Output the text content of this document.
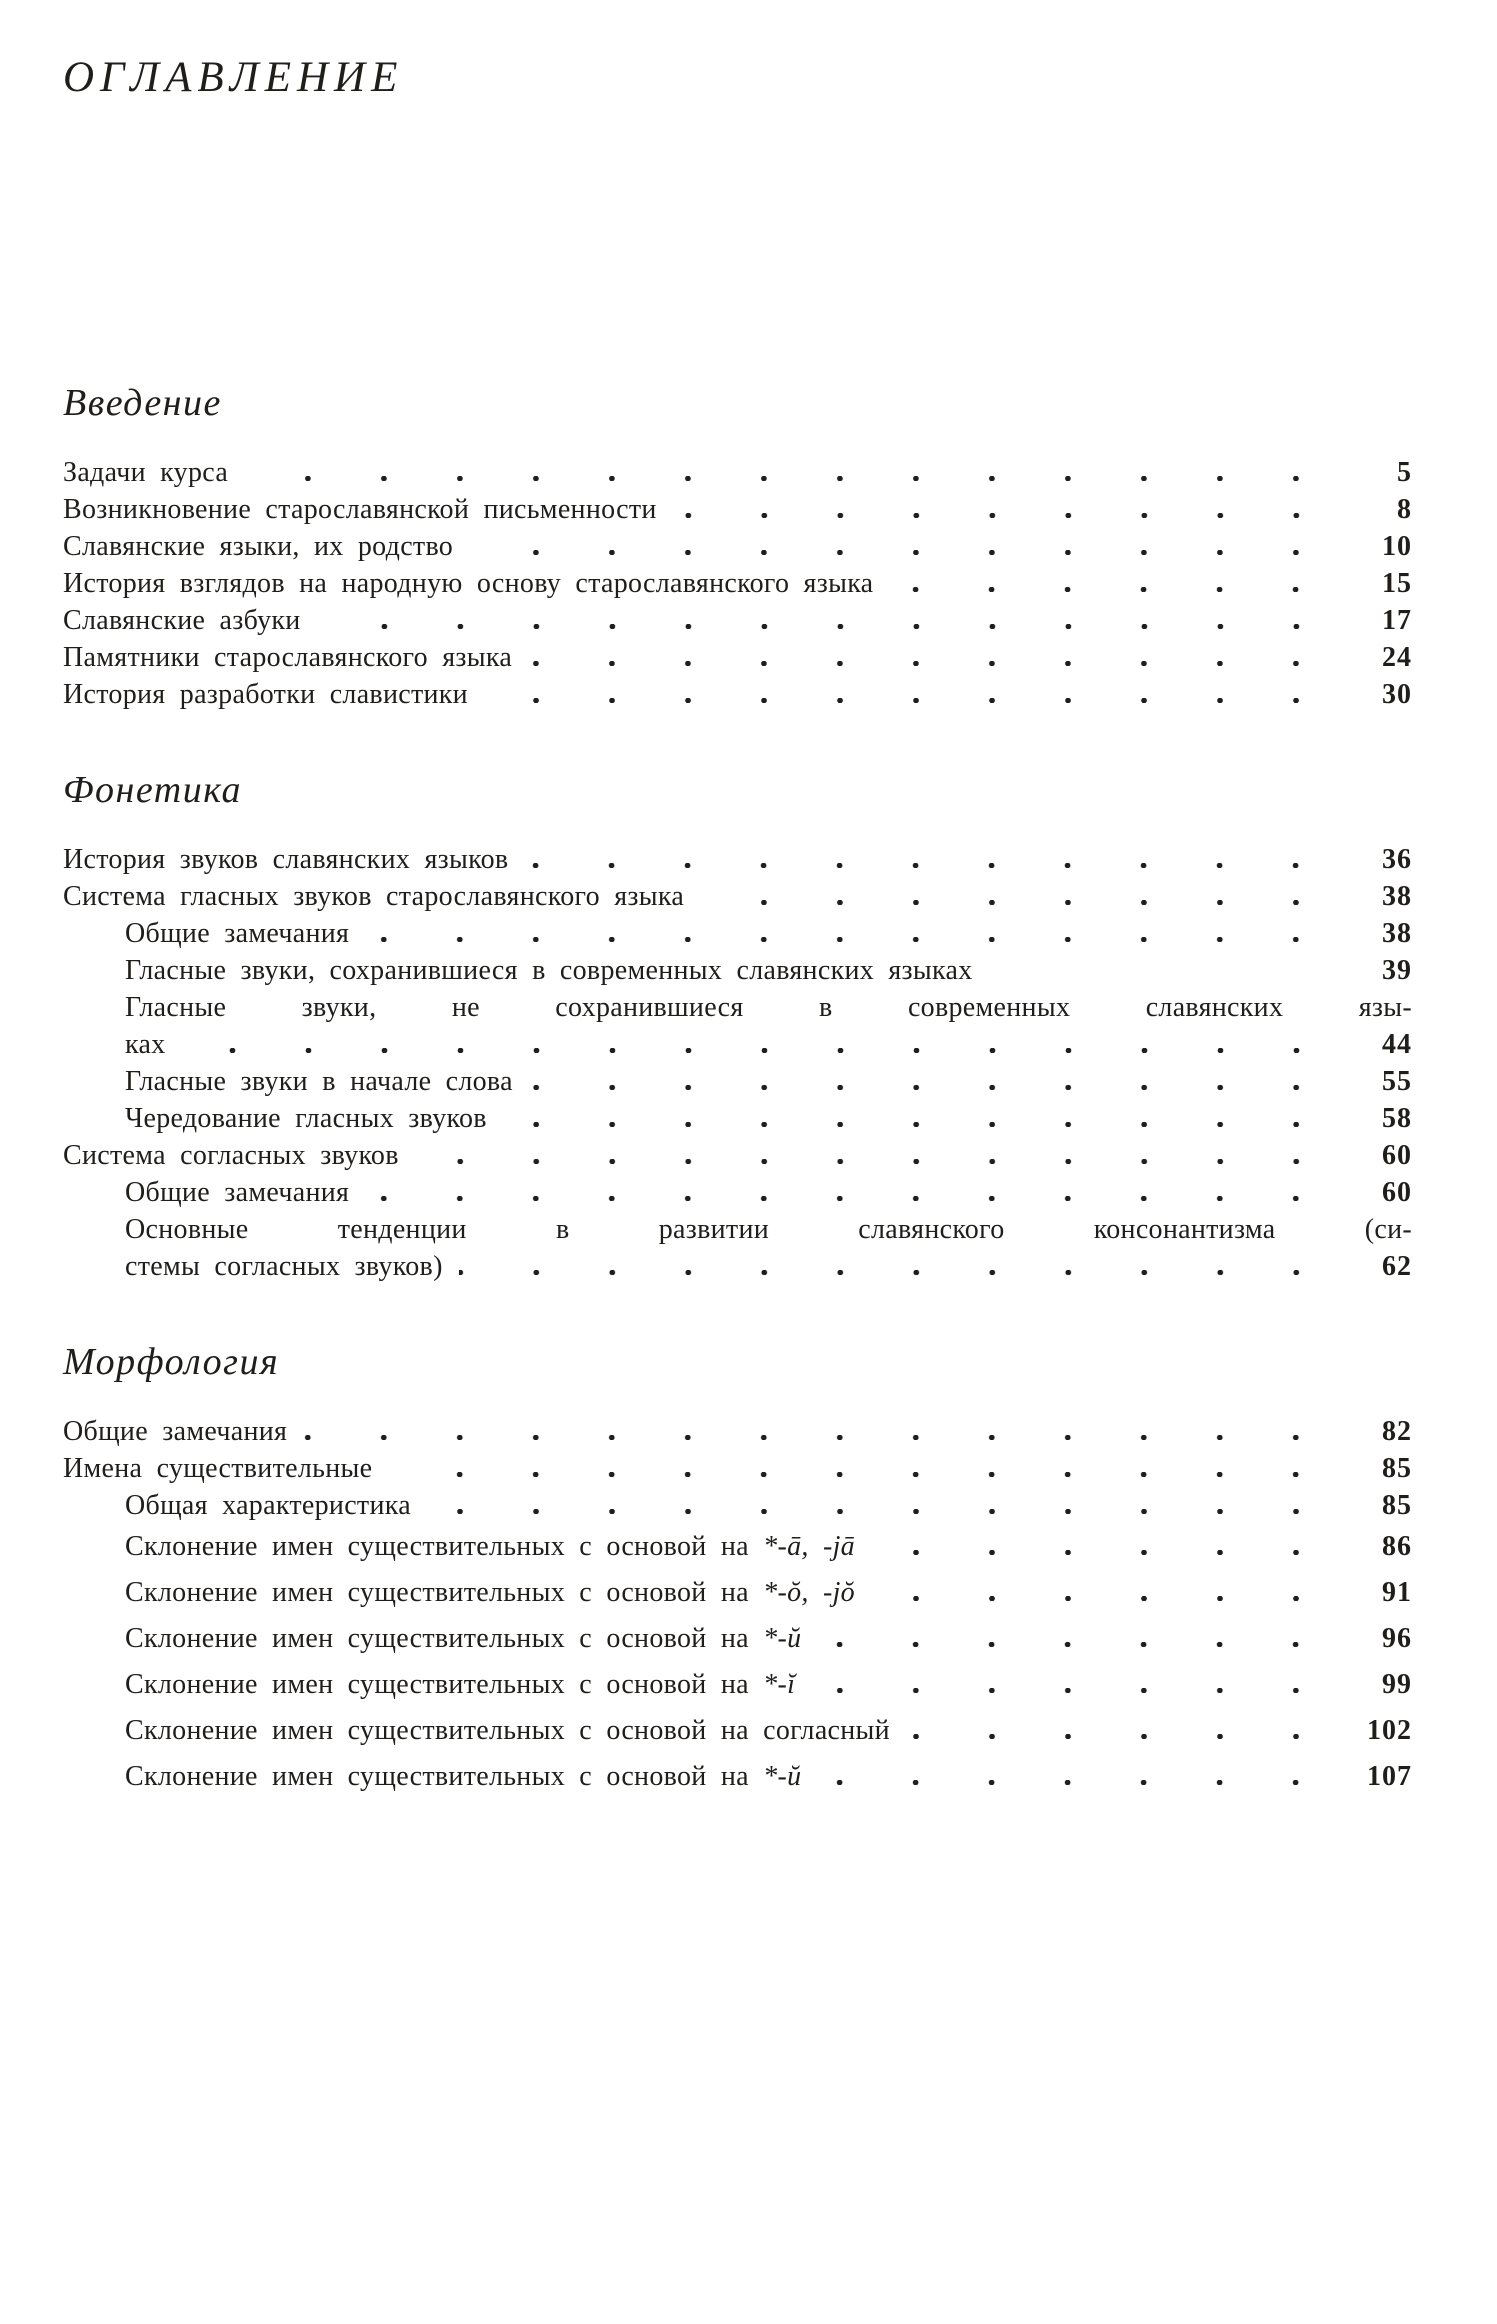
ОГЛАВЛЕНИЕ
Введение
Задачи курса	5
Возникновение старославянской письменности	8
Славянские языки, их родство	10
История взглядов на народную основу старославянского языка	15
Славянские азбуки	17
Памятники старославянского языка	24
История разработки славистики	30
Фонетика
История звуков славянских языков	36
Система гласных звуков старославянского языка	38
Общие замечания	38
Гласные звуки, сохранившиеся в современных славянских языках	39
Гласные звуки, не сохранившиеся в современных славянских язы-
ках	44
Гласные звуки в начале слова	55
Чередование гласных звуков	58
Система согласных звуков	60
Общие замечания	60
Основные тенденции в развитии славянского консонантизма (си-
стемы согласных звуков)	62
Морфология
Общие замечания	82
Имена существительные	85
Общая характеристика	85
Склонение имен существительных с основой на *-ā, -jā	86
Склонение имен существительных с основой на *-ŏ, -jŏ	91
Склонение имен существительных с основой на *-ŭ	96
Склонение имен существительных с основой на *-ĭ	99
Склонение имен существительных с основой на согласный	102
Склонение имен существительных с основой на *-ŭ	107
